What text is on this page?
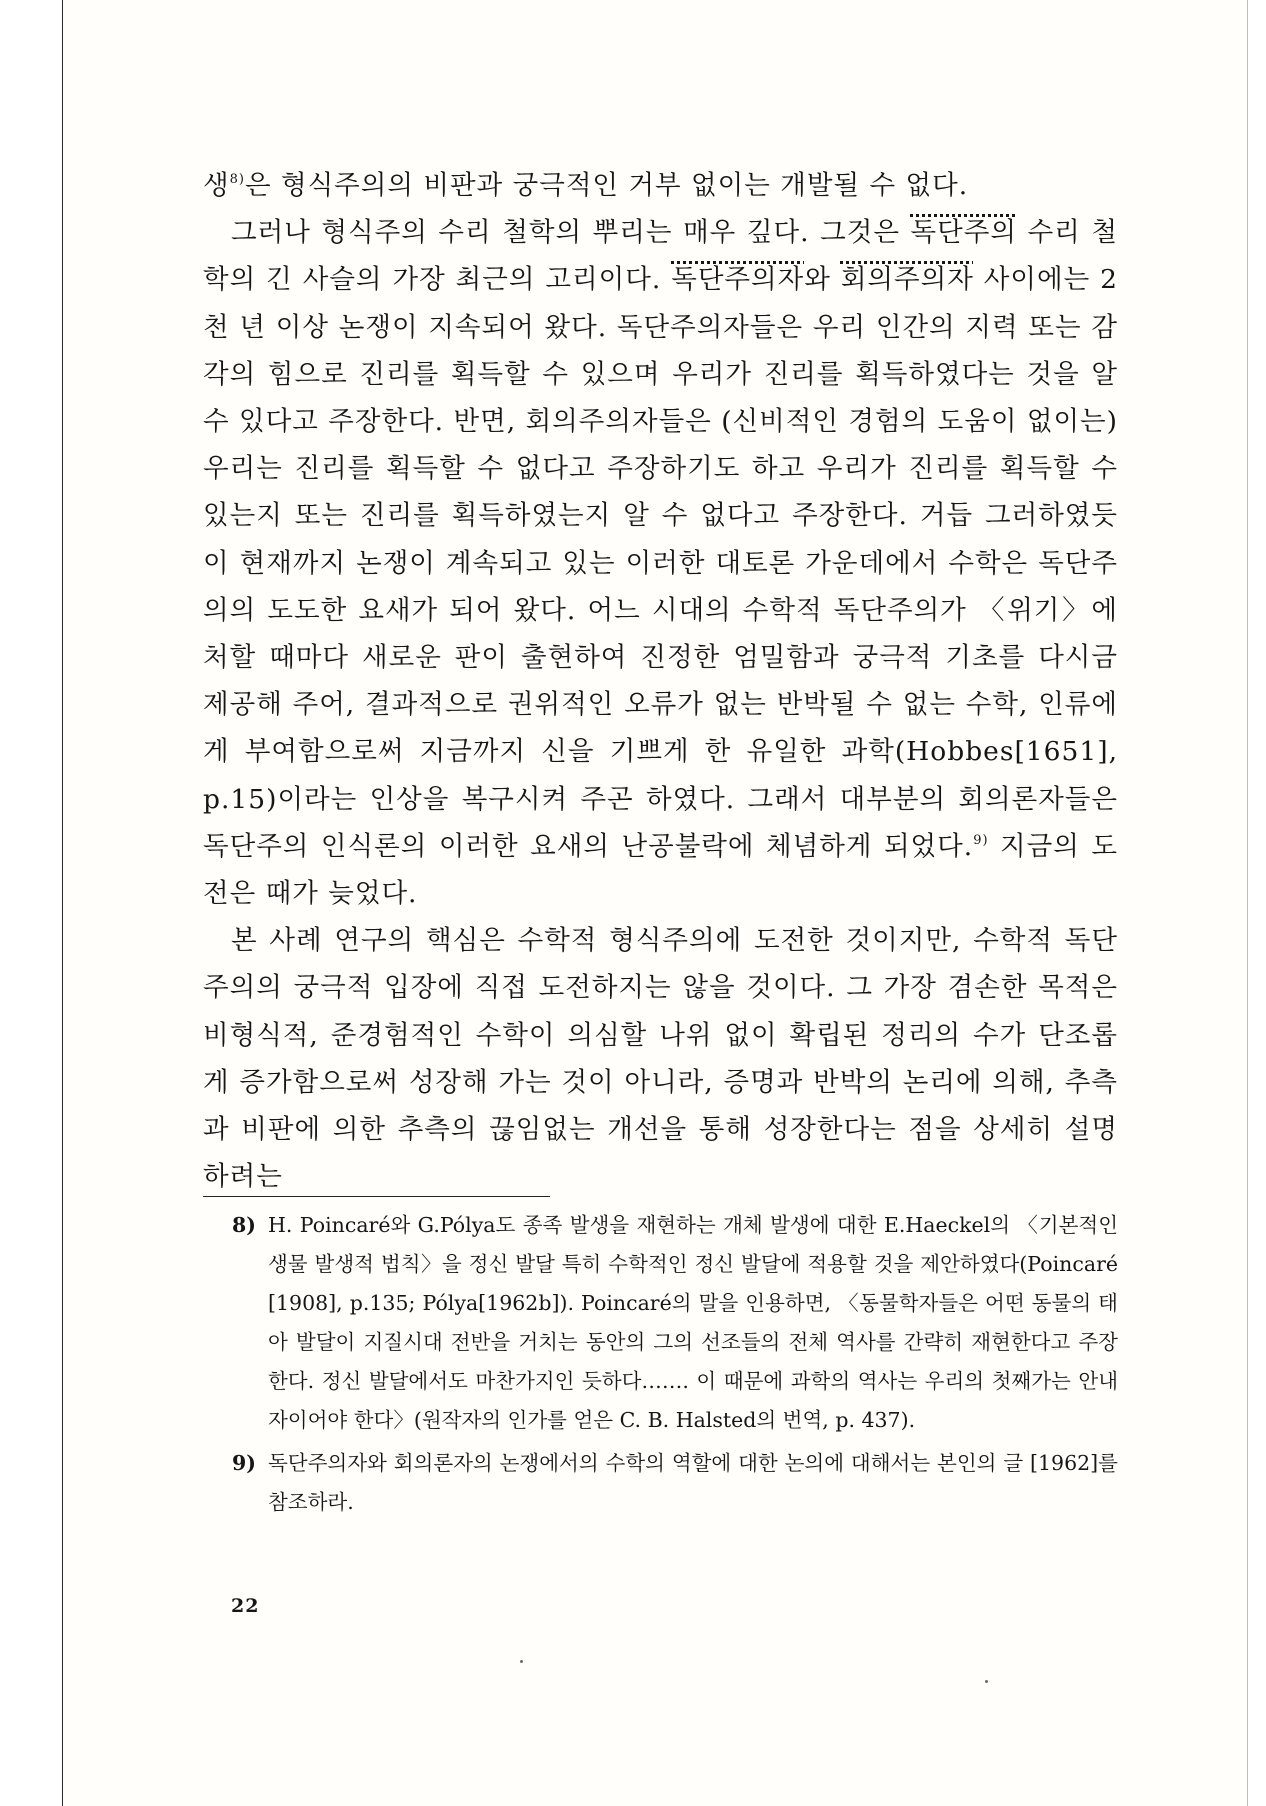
생$^{8)}$은 형식주의의 비판과 궁극적인 거부 없이는 개발될 수 없다.

그러나 형식주의 수리 철학의 뿌리는 매우 깊다. 그것은 독단주의 수리 철학의 긴 사슬의 가장 최근의 고리이다. 독단주의자와 회의주의자 사이에는 2천 년 이상 논쟁이 지속되어 왔다. 독단주의자들은 우리 인간의 지력 또는 감각의 힘으로 진리를 획득할 수 있으며 우리가 진리를 획득하였다는 것을 알 수 있다고 주장한다. 반면, 회의주의자들은 (신비적인 경험의 도움이 없이는) 우리는 진리를 획득할 수 없다고 주장하기도 하고 우리가 진리를 획득할 수 있는지 또는 진리를 획득하였는지 알 수 없다고 주장한다. 거듭 그러하였듯이 현재까지 논쟁이 계속되고 있는 이러한 대토론 가운데에서 수학은 독단주의의 도도한 요새가 되어 왔다. 어느 시대의 수학적 독단주의가 〈위기〉에 처할 때마다 새로운 판이 출현하여 진정한 엄밀함과 궁극적 기초를 다시금 제공해 주어, 결과적으로 권위적인 오류가 없는 반박될 수 없는 수학, 인류에게 부여함으로써 지금까지 신을 기쁘게 한 유일한 과학(Hobbes[1651], p.15)이라는 인상을 복구시켜 주곤 하였다. 그래서 대부분의 회의론자들은 독단주의 인식론의 이러한 요새의 난공불락에 체념하게 되었다.$^{9)}$ 지금의 도전은 때가 늦었다.

본 사례 연구의 핵심은 수학적 형식주의에 도전한 것이지만, 수학적 독단주의의 궁극적 입장에 직접 도전하지는 않을 것이다. 그 가장 겸손한 목적은 비형식적, 준경험적인 수학이 의심할 나위 없이 확립된 정리의 수가 단조롭게 증가함으로써 성장해 가는 것이 아니라, 증명과 반박의 논리에 의해, 추측과 비판에 의한 추측의 끊임없는 개선을 통해 성장한다는 점을 상세히 설명하려는

8) H. Poincaré와 G.Pólya도 종족 발생을 재현하는 개체 발생에 대한 E.Haeckel의 〈기본적인 생물 발생적 법칙〉을 정신 발달 특히 수학적인 정신 발달에 적용할 것을 제안하였다(Poincaré [1908], p.135; Pólya[1962b]). Poincaré의 말을 인용하면, 〈동물학자들은 어떤 동물의 태아 발달이 지질시대 전반을 거치는 동안의 그의 선조들의 전체 역사를 간략히 재현한다고 주장한다. 정신 발달에서도 마찬가지인 듯하다……. 이 때문에 과학의 역사는 우리의 첫째가는 안내자이어야 한다〉(원작자의 인가를 얻은 C. B. Halsted의 번역, p. 437).
9) 독단주의자와 회의론자의 논쟁에서의 수학의 역할에 대한 논의에 대해서는 본인의 글 [1962]를 참조하라.
22
